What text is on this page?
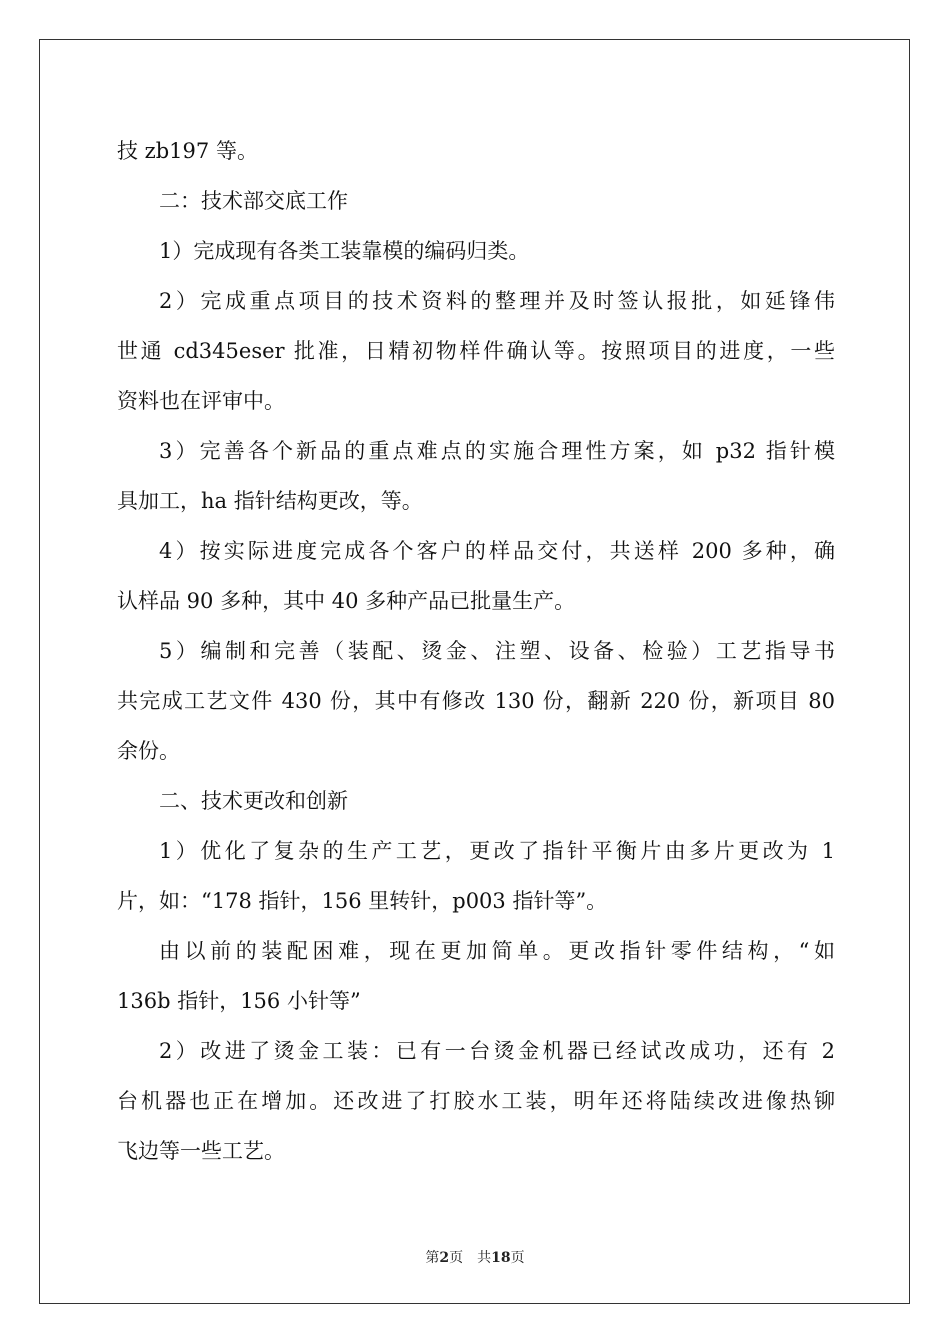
技 zb197 等。
二：技术部交底工作
1）完成现有各类工装靠模的编码归类。
2）完成重点项目的技术资料的整理并及时签认报批，如延锋伟
世通 cd345eser 批准，日精初物样件确认等。按照项目的进度，一些
资料也在评审中。
3）完善各个新品的重点难点的实施合理性方案，如 p32 指针模
具加工，ha 指针结构更改，等。
4）按实际进度完成各个客户的样品交付，共送样 200 多种，确
认样品 90 多种，其中 40 多种产品已批量生产。
5）编制和完善（装配、烫金、注塑、设备、检验）工艺指导书
共完成工艺文件 430 份，其中有修改 130 份，翻新 220 份，新项目 80
余份。
二、技术更改和创新
1）优化了复杂的生产工艺，更改了指针平衡片由多片更改为 1
片，如：“178 指针，156 里转针，p003 指针等”。
由以前的装配困难，现在更加简单。更改指针零件结构，“如
136b 指针，156 小针等”
2）改进了烫金工装：已有一台烫金机器已经试改成功，还有 2
台机器也正在增加。还改进了打胶水工装，明年还将陆续改进像热铆
飞边等一些工艺。
第2页 共18页
